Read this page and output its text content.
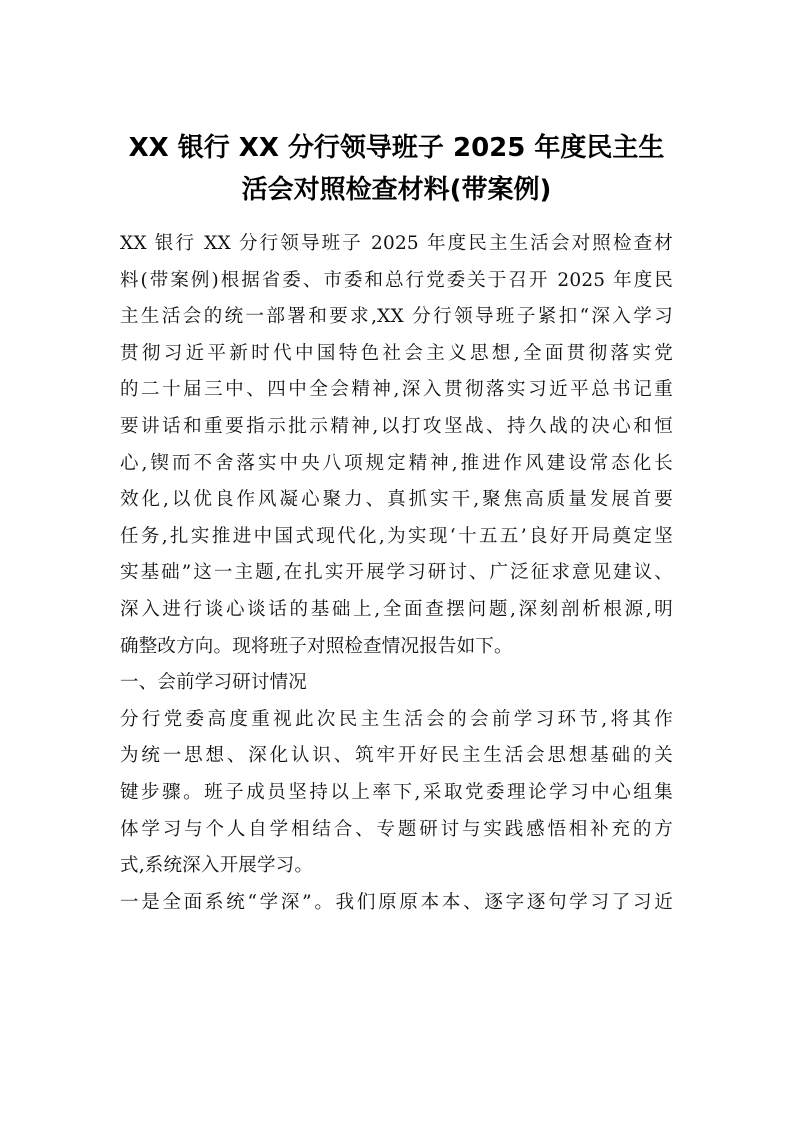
XX 银行 XX 分行领导班子 2025 年度民主生
活会对照检查材料(带案例)
XX 银行 XX 分行领导班子 2025 年度民主生活会对照检查材
料(带案例)根据省委、市委和总行党委关于召开 2025 年度民
主生活会的统一部署和要求,XX 分行领导班子紧扣“深入学习
贯彻习近平新时代中国特色社会主义思想,全面贯彻落实党
的二十届三中、四中全会精神,深入贯彻落实习近平总书记重
要讲话和重要指示批示精神,以打攻坚战、持久战的决心和恒
心,锲而不舍落实中央八项规定精神,推进作风建设常态化长
效化,以优良作风凝心聚力、真抓实干,聚焦高质量发展首要
任务,扎实推进中国式现代化,为实现‘十五五’良好开局奠定坚
实基础”这一主题,在扎实开展学习研讨、广泛征求意见建议、
深入进行谈心谈话的基础上,全面查摆问题,深刻剖析根源,明
确整改方向。现将班子对照检查情况报告如下。
一、会前学习研讨情况
分行党委高度重视此次民主生活会的会前学习环节,将其作
为统一思想、深化认识、筑牢开好民主生活会思想基础的关
键步骤。班子成员坚持以上率下,采取党委理论学习中心组集
体学习与个人自学相结合、专题研讨与实践感悟相补充的方
式,系统深入开展学习。
一是全面系统“学深”。我们原原本本、逐字逐句学习了习近
